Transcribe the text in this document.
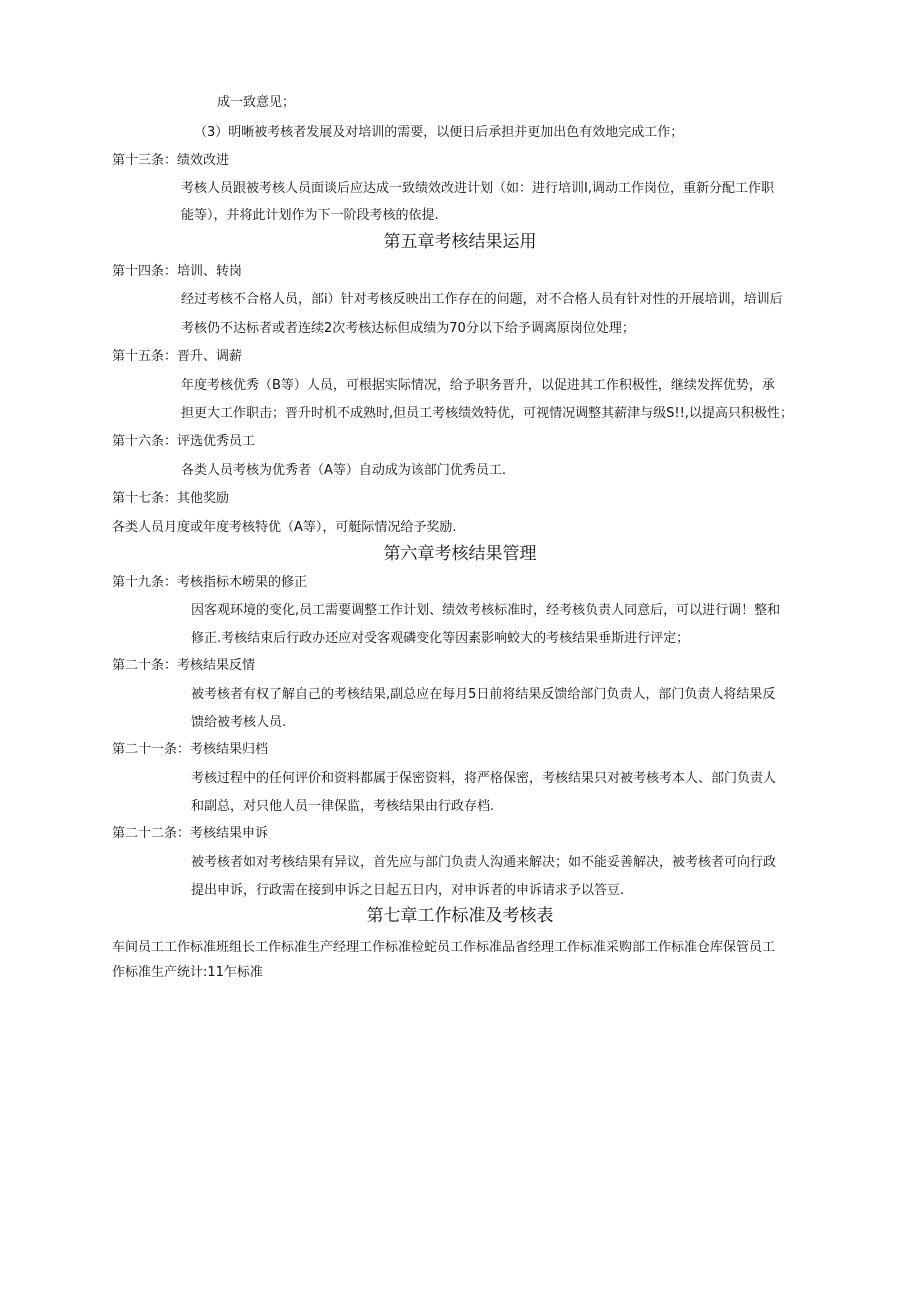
成一致意见；
（3）明晰被考核者发展及对培训的需要，以便日后承担并更加出色有效地完成工作；
第十三条：绩效改进
考核人员跟被考核人员面谈后应达成一致绩效改进计划（如：进行培训I,调动工作岗位，重新分配工作职
能等），并将此计划作为下一阶段考核的依提.
第五章考核结果运用
第十四条：培训、转岗
经过考核不合格人员，部i）针对考核反映出工作存在的问题，对不合格人员有针对性的开展培训，培训后
考核仍不达标者或者连续2次考核达标但成绩为70分以下给予调离原岗位处理；
第十五条：晋升、调薪
年度考核优秀（B等）人员，可根据实际情况，给予职务晋升，以促进其工作积极性，继续发挥优势，承
担更大工作职击；晋升时机不成熟时,但员工考核绩效特优，可视情况调整其薪津与级S!!,以提高只积极性；
第十六条：评选优秀员工
各类人员考核为优秀者（A等）自动成为该部门优秀员工.
第十七条：其他奖励
各类人员月度或年度考核特优（A等），可艇际情况给予奖励.
第六章考核结果管理
第十九条：考核指标木崂果的修正
因客观环境的变化,员工需要调整工作计划、绩效考核标准时，经考核负责人同意后，可以进行调！整和
修正.考核结束后行政办还应对受客观磷变化等因素影响蛟大的考核结果垂斯进行评定；
第二十条：考核结果反情
被考核者有权了解自己的考核结果,副总应在每月5日前将结果反馈给部门负责人，部门负责人将结果反
馈给被考核人员.
第二十一条：考核结果归档
考核过程中的任何评价和资料都属于保密资料，将严格保密，考核结果只对被考核考本人、部门负责人
和副总，对只他人员一律保监，考核结果由行政存档.
第二十二条：考核结果申诉
被考核者如对考核结果有异议，首先应与部门负责人沟通来解决；如不能妥善解决，被考核者可向行政
提出申诉，行政需在接到申诉之日起五日内，对申诉者的申诉请求予以答豆.
第七章工作标准及考核表
车间员工工作标准班组长工作标准生产经理工作标准检蛇员工作标准品省经理工作标准采购部工作标准仓库保管员工
作标准生产统计:11乍标准
